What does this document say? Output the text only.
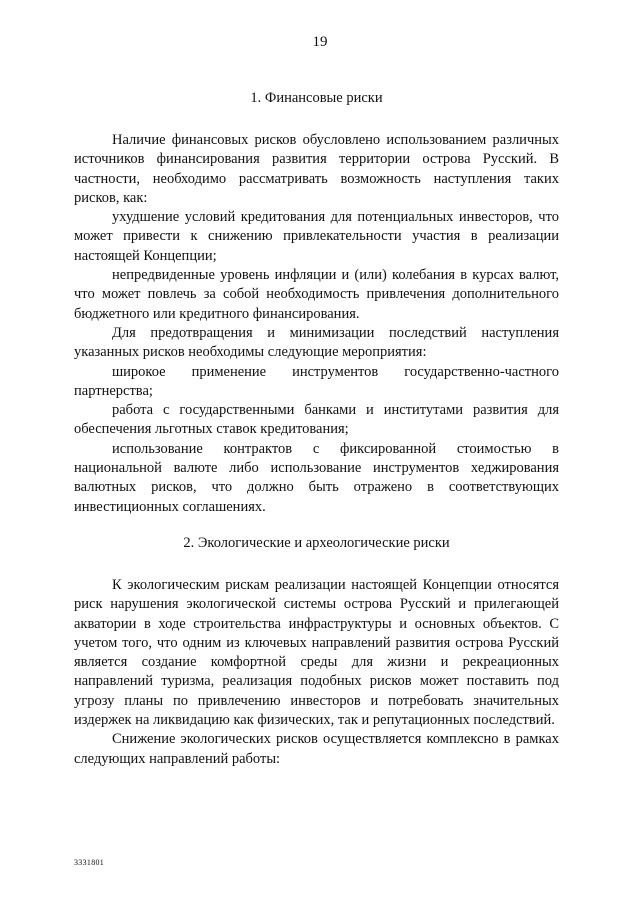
19

1. Финансовые риски

Наличие финансовых рисков обусловлено использованием различных источников финансирования развития территории острова Русский. В частности, необходимо рассматривать возможность наступления таких рисков, как:

ухудшение условий кредитования для потенциальных инвесторов, что может привести к снижению привлекательности участия в реализации настоящей Концепции;

непредвиденные уровень инфляции и (или) колебания в курсах валют, что может повлечь за собой необходимость привлечения дополнительного бюджетного или кредитного финансирования.

Для предотвращения и минимизации последствий наступления указанных рисков необходимы следующие мероприятия:

широкое применение инструментов государственно-частного партнерства;

работа с государственными банками и институтами развития для обеспечения льготных ставок кредитования;

использование контрактов с фиксированной стоимостью в национальной валюте либо использование инструментов хеджирования валютных рисков, что должно быть отражено в соответствующих инвестиционных соглашениях.

2. Экологические и археологические риски

К экологическим рискам реализации настоящей Концепции относятся риск нарушения экологической системы острова Русский и прилегающей акватории в ходе строительства инфраструктуры и основных объектов. С учетом того, что одним из ключевых направлений развития острова Русский является создание комфортной среды для жизни и рекреационных направлений туризма, реализация подобных рисков может поставить под угрозу планы по привлечению инвесторов и потребовать значительных издержек на ликвидацию как физических, так и репутационных последствий.

Снижение экологических рисков осуществляется комплексно в рамках следующих направлений работы:

3331801
